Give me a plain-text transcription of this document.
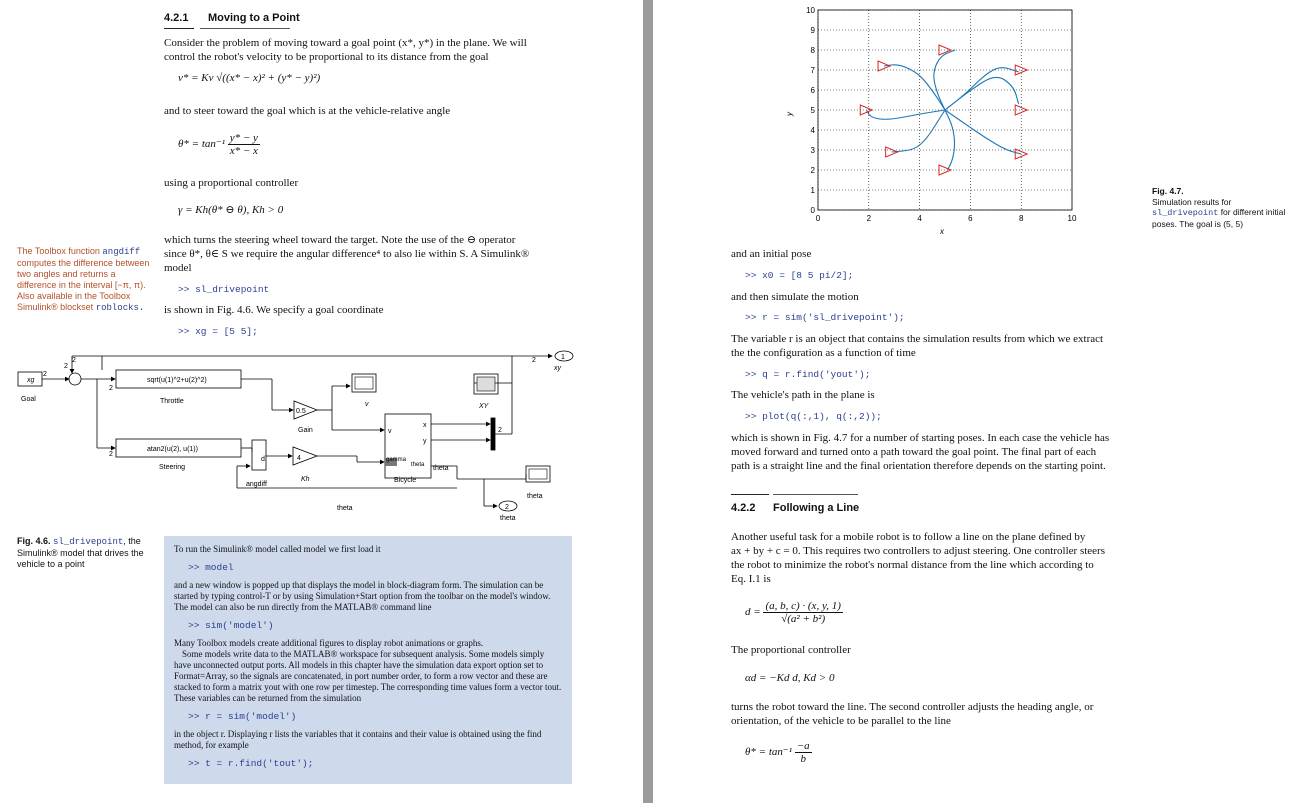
4.2.1 Moving to a Point
Consider the problem of moving toward a goal point (x*, y*) in the plane. We will
control the robot's velocity to be proportional to its distance from the goal
v* = Kv √((x* − x)² + (y* − y)²)
and to steer toward the goal which is at the vehicle-relative angle
$\theta* = \tan^{-1} \frac{y* - y}{x* - x}$
using a proportional controller
γ = Kh(θ* ⊖ θ), Kh > 0
which turns the steering wheel toward the target. Note the use of the ⊖ operator
since θ*, θ∈ S we require the angular difference⁴ to also lie within S. A Simulink®
model
>> sl_drivepoint
is shown in Fig. 4.6. We specify a goal coordinate
>> xg = [5 5];
The Toolbox function angdiff computes the difference between two angles and returns a difference in the interval [−π, π). Also available in the Toolbox Simulink® blockset roblocks.
xg
2
Goal
2
2
sqrt(u(1)^2+u(2)^2)
Throttle
atan2(u(2), u(1))
2
Steering
0.5
Gain
4
Kh
d
angdiff
v
v
gamma
theta
x
y
theta
Bicycle
XY
1
xy
2
2
2
theta
theta	2
theta
Fig. 4.6. sl_drivepoint, the Simulink® model that drives the vehicle to a point

To run the Simulink® model called model we first load it

>> model

and a new window is popped up that displays the model in block-diagram form. The simulation can be started by typing control-T or by using Simulation+Start option from the toolbar on the model's window. The model can also be run directly from the MATLAB® command line

>> sim('model')

Many Toolbox models create additional figures to display robot animations or graphs.

Some models write data to the MATLAB® workspace for subsequent analysis. Some models simply have unconnected output ports. All models in this chapter have the simulation data export option set to Format=Array, so the signals are concatenated, in port number order, to form a row vector and these are stacked to form a matrix yout with one row per timestep. The corresponding time values form a vector tout. These variables can be returned from the simulation

>> r = sim('model')

in the object r. Displaying r lists the variables that it contains and their value is obtained using the find method, for example

>> t = r.find('tout');

0	2	4	6	8	10
0
1
2
3
4
5
6
7
8
9
10
x
y
Fig. 4.7.
Simulation results for
sl_drivepoint for different initial poses. The goal is (5, 5)
and an initial pose
>> x0 = [8 5 pi/2];
and then simulate the motion
>> r = sim('sl_drivepoint');
The variable r is an object that contains the simulation results from which we extract
the the configuration as a function of time
>> q = r.find('yout');
The vehicle's path in the plane is
>> plot(q(:,1), q(:,2));
which is shown in Fig. 4.7 for a number of starting poses. In each case the vehicle has
moved forward and turned onto a path toward the goal point. The final part of each
path is a straight line and the final orientation therefore depends on the starting point.
4.2.2 Following a Line
Another useful task for a mobile robot is to follow a line on the plane defined by
ax + by + c = 0. This requires two controllers to adjust steering. One controller steers
the robot to minimize the robot's normal distance from the line which according to
Eq. I.1 is
$d = \frac{(a, b, c) \cdot (x, y, 1)}{\text{√(a² + b²)}}$
The proportional controller
αd = −Kd d, Kd > 0
turns the robot toward the line. The second controller adjusts the heading angle, or
orientation, of the vehicle to be parallel to the line
$\theta* = \tan^{-1} \frac{-a}{b}$
